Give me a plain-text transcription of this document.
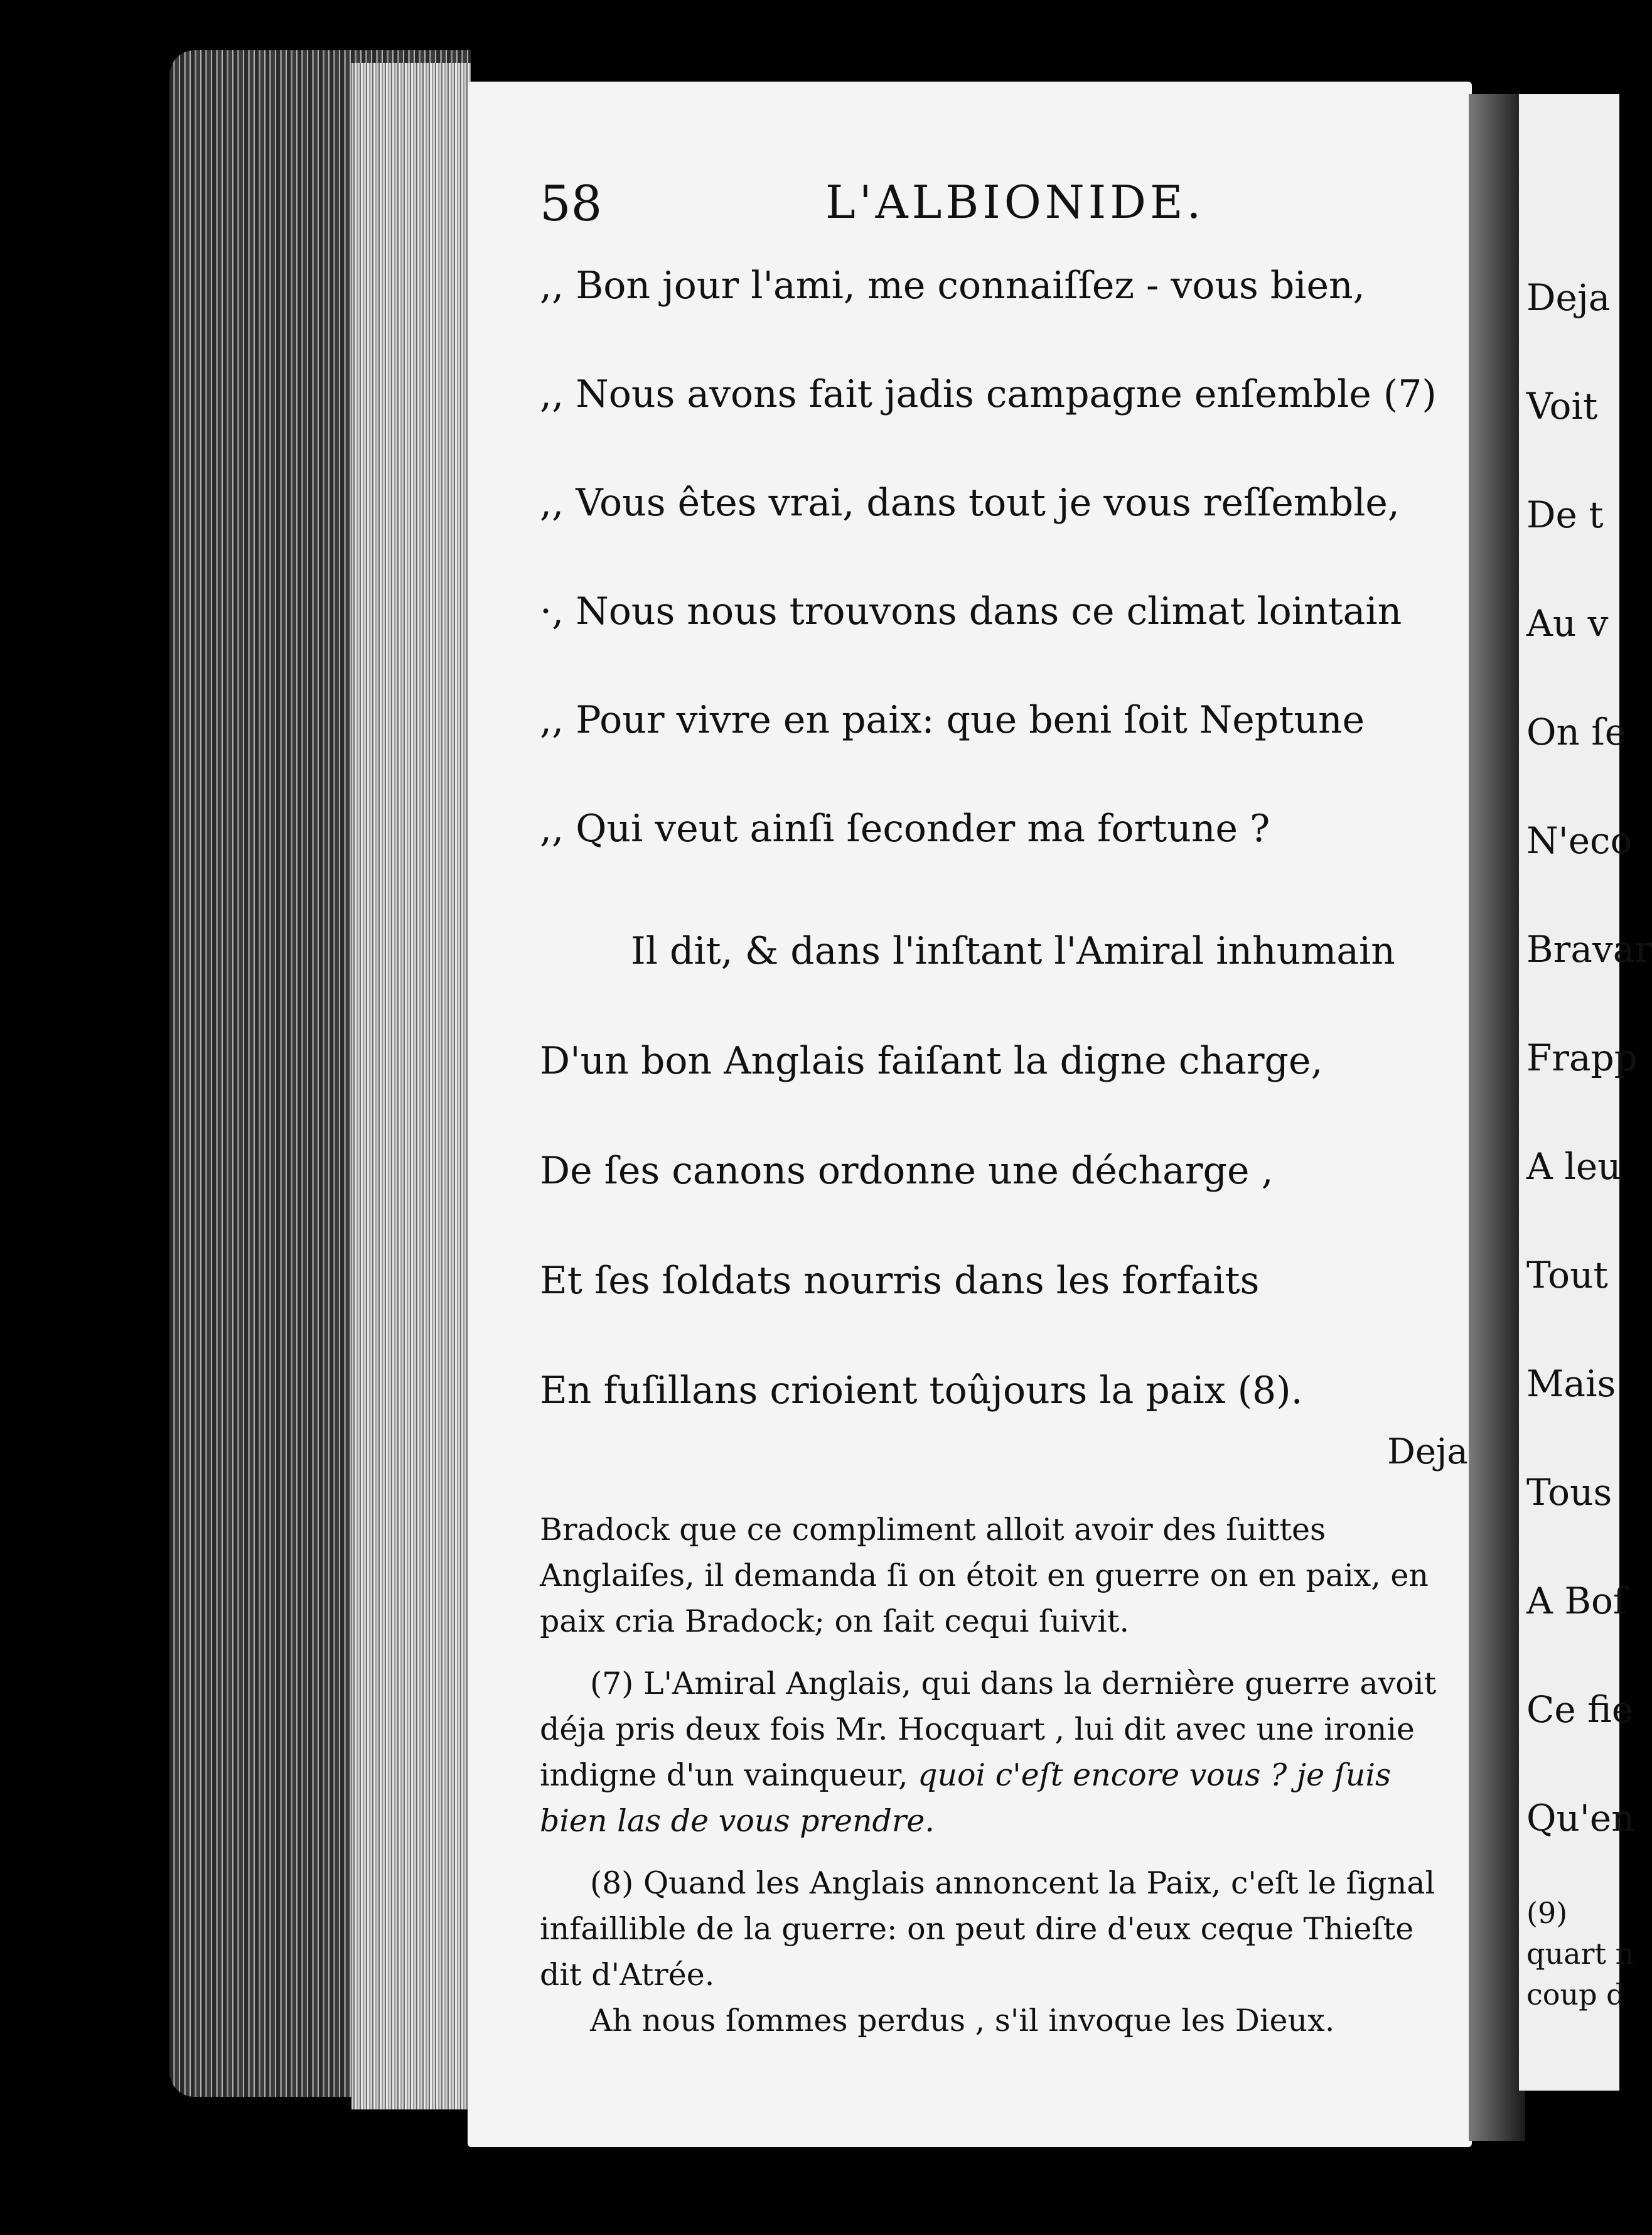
Deja
Voit
De t
Au v
On ſe
N'eco
Bravar
Frapp
A leu
Tout
Mais
Tous
A Boſ
Ce fie
Qu'en
(9)
quart n
coup d
58	L'ALBIONIDE.
,, Bon jour l'ami, me connaiſſez - vous bien,
,, Nous avons fait jadis campagne enſemble (7)
,, Vous êtes vrai, dans tout je vous reſſemble,
·, Nous nous trouvons dans ce climat lointain
,, Pour vivre en paix: que beni ſoit Neptune
,, Qui veut ainſi ſeconder ma fortune ?
Il dit, & dans l'inſtant l'Amiral inhumain
D'un bon Anglais faiſant la digne charge,
De ſes canons ordonne une décharge ,
Et ſes ſoldats nourris dans les forfaits
En fuſillans crioient toûjours la paix (8).
Deja

Bradock que ce compliment alloit avoir des ſuittes Anglaiſes, il demanda ſi on étoit en guerre on en paix, en paix cria Bradock; on ſait cequi ſuivit.

(7) L'Amiral Anglais, qui dans la dernière guerre avoit déja pris deux fois Mr. Hocquart , lui dit avec une ironie indigne d'un vainqueur, quoi c'eſt encore vous ? je ſuis bien las de vous prendre.

(8) Quand les Anglais annoncent la Paix, c'eſt le ſignal infaillible de la guerre: on peut dire d'eux ceque Thieſte dit d'Atrée.

Ah nous ſommes perdus , s'il invoque les Dieux.
